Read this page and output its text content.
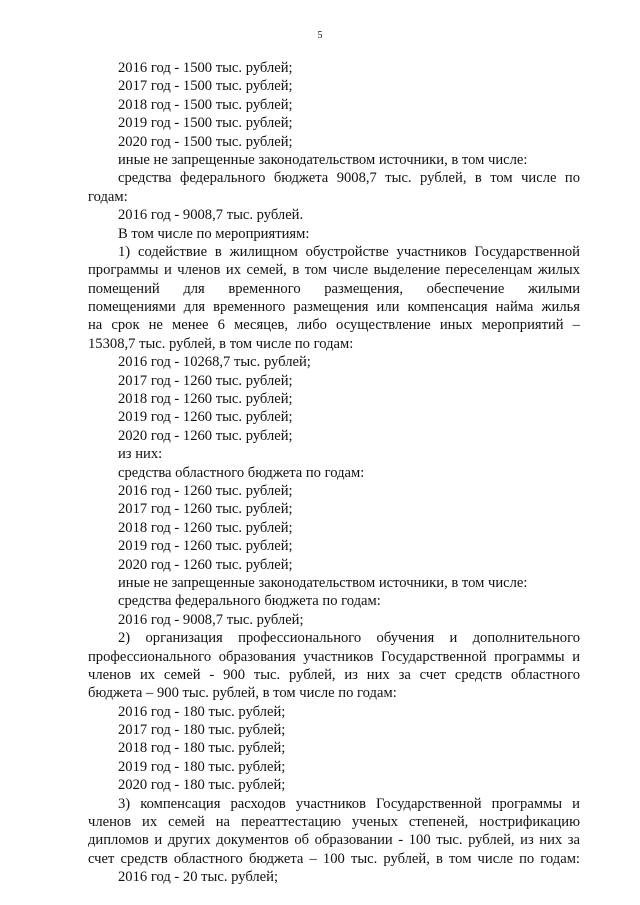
5
2016 год - 1500 тыс. рублей;
2017 год - 1500 тыс. рублей;
2018 год - 1500 тыс. рублей;
2019 год - 1500 тыс. рублей;
2020 год - 1500 тыс. рублей;
иные не запрещенные законодательством источники, в том числе:
средства федерального бюджета 9008,7 тыс. рублей, в том числе по
годам:
2016 год - 9008,7 тыс. рублей.
В том числе по мероприятиям:
1) содействие в жилищном обустройстве участников Государственной
программы и членов их семей, в том числе выделение переселенцам жилых
помещений для временного размещения, обеспечение жилыми
помещениями для временного размещения или компенсация найма жилья
на срок не менее 6 месяцев, либо осуществление иных мероприятий –
15308,7 тыс. рублей, в том числе по годам:
2016 год - 10268,7 тыс. рублей;
2017 год - 1260 тыс. рублей;
2018 год - 1260 тыс. рублей;
2019 год - 1260 тыс. рублей;
2020 год - 1260 тыс. рублей;
из них:
средства областного бюджета по годам:
2016 год - 1260 тыс. рублей;
2017 год - 1260 тыс. рублей;
2018 год - 1260 тыс. рублей;
2019 год - 1260 тыс. рублей;
2020 год - 1260 тыс. рублей;
иные не запрещенные законодательством источники, в том числе:
средства федерального бюджета по годам:
2016 год - 9008,7 тыс. рублей;
2) организация профессионального обучения и дополнительного
профессионального образования участников Государственной программы и
членов их семей - 900 тыс. рублей, из них за счет средств областного
бюджета – 900 тыс. рублей, в том числе по годам:
2016 год - 180 тыс. рублей;
2017 год - 180 тыс. рублей;
2018 год - 180 тыс. рублей;
2019 год - 180 тыс. рублей;
2020 год - 180 тыс. рублей;
3) компенсация расходов участников Государственной программы и
членов их семей на переаттестацию ученых степеней, нострификацию
дипломов и других документов об образовании - 100 тыс. рублей, из них за
счет средств областного бюджета – 100 тыс. рублей, в том числе по годам:
2016 год - 20 тыс. рублей;
